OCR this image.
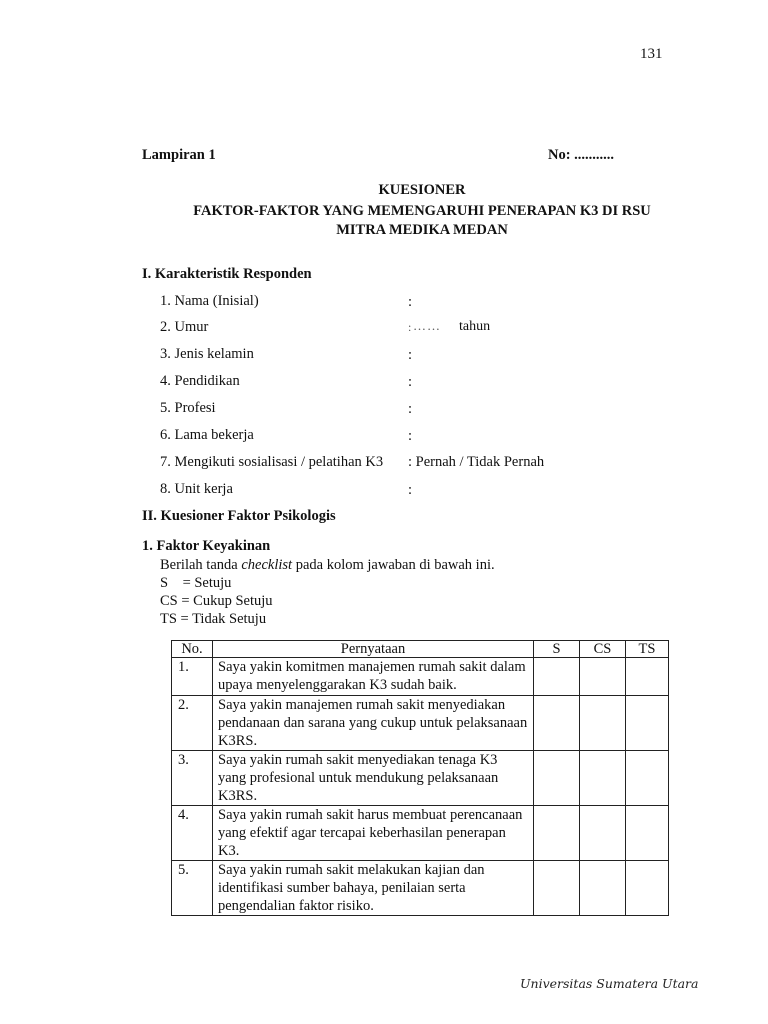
131
Lampiran 1	No: ...........
KUESIONER
FAKTOR-FAKTOR YANG MEMENGARUHI PENERAPAN K3 DI RSU
MITRA MEDIKA MEDAN
I. Karakteristik Responden
1. Nama (Inisial)	:
2. Umur	: …… tahun
3. Jenis kelamin	:
4. Pendidikan	:
5. Profesi	:
6. Lama bekerja	:
7. Mengikuti sosialisasi / pelatihan K3 : Pernah / Tidak Pernah
8. Unit kerja	:
II. Kuesioner Faktor Psikologis
1. Faktor Keyakinan
Berilah tanda checklist pada kolom jawaban di bawah ini.
S    = Setuju
CS = Cukup Setuju
TS = Tidak Setuju
No.	Pernyataan	S	CS	TS
1.	Saya yakin komitmen manajemen rumah sakit dalam upaya menyelenggarakan K3 sudah baik.			
2.	Saya yakin manajemen rumah sakit menyediakan pendanaan dan sarana yang cukup untuk pelaksanaan K3RS.			
3.	Saya yakin rumah sakit menyediakan tenaga K3 yang profesional untuk mendukung pelaksanaan K3RS.			
4.	Saya yakin rumah sakit harus membuat perencanaan yang efektif agar tercapai keberhasilan penerapan K3.			
5.	Saya yakin rumah sakit melakukan kajian dan identifikasi sumber bahaya, penilaian serta pengendalian faktor risiko.			
Universitas Sumatera Utara
